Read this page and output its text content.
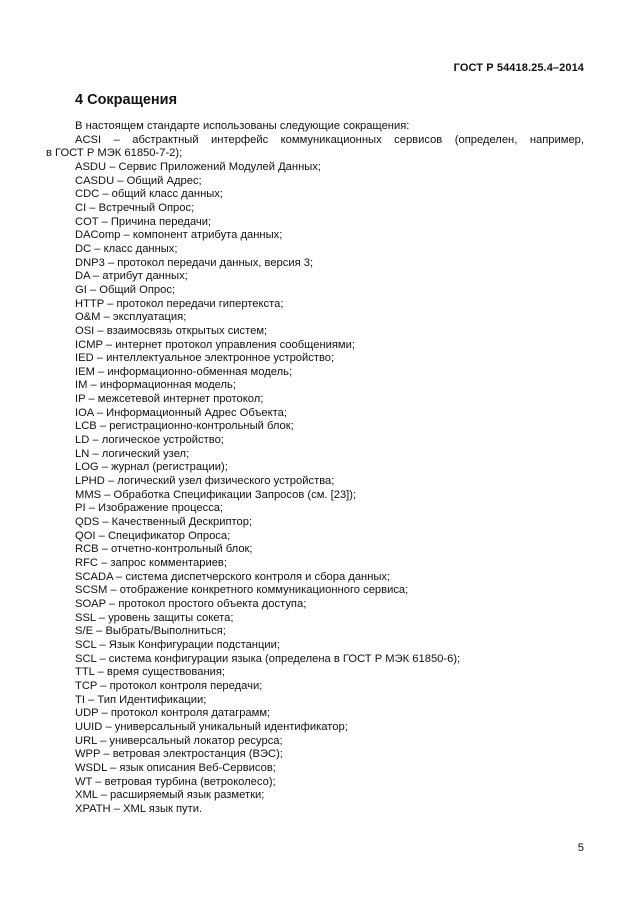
ГОСТ Р 54418.25.4–2014
4 Сокращения
В настоящем стандарте использованы следующие сокращения:
ACSI – абстрактный интерфейс коммуникационных сервисов (определен, например,
в ГОСТ Р МЭК 61850-7-2);
ASDU – Сервис Приложений Модулей Данных;
CASDU – Общий Адрес;
CDC – общий класс данных;
CI – Встречный Опрос;
COT – Причина передачи;
DAComp – компонент атрибута данных;
DC – класс данных;
DNP3 – протокол передачи данных, версия 3;
DA – атрибут данных;
GI – Общий Опрос;
HTTP – протокол передачи гипертекста;
O&M – эксплуатация;
OSI – взаимосвязь открытых систем;
ICMP – интернет протокол управления сообщениями;
IED – интеллектуальное электронное устройство;
IEM – информационно-обменная модель;
IM – информационная модель;
IP – межсетевой интернет протокол;
IOA – Информационный Адрес Объекта;
LCB – регистрационно-контрольный блок;
LD – логическое устройство;
LN – логический узел;
LOG – журнал (регистрации);
LPHD – логический узел физического устройства;
MMS – Обработка Спецификации Запросов (см. [23]);
PI – Изображение процесса;
QDS – Качественный Дескриптор;
QOI – Спецификатор Опроса;
RCB – отчетно-контрольный блок;
RFC – запрос комментариев;
SCADA – система диспетчерского контроля и сбора данных;
SCSM – отображение конкретного коммуникационного сервиса;
SOAP – протокол простого объекта доступа;
SSL – уровень защиты сокета;
S/E – Выбрать/Выполниться;
SCL – Язык Конфигурации подстанции;
SCL – система конфигурации языка (определена в ГОСТ Р МЭК 61850-6);
TTL – время существования;
TCP – протокол контроля передачи;
TI – Тип Идентификации;
UDP – протокол контроля датаграмм;
UUID – универсальный уникальный идентификатор;
URL – универсальный локатор ресурса;
WPP – ветровая электростанция (ВЭС);
WSDL – язык описания Веб-Сервисов;
WT – ветровая турбина (ветроколесо);
XML – расширяемый язык разметки;
XPATH – XML язык пути.
5
